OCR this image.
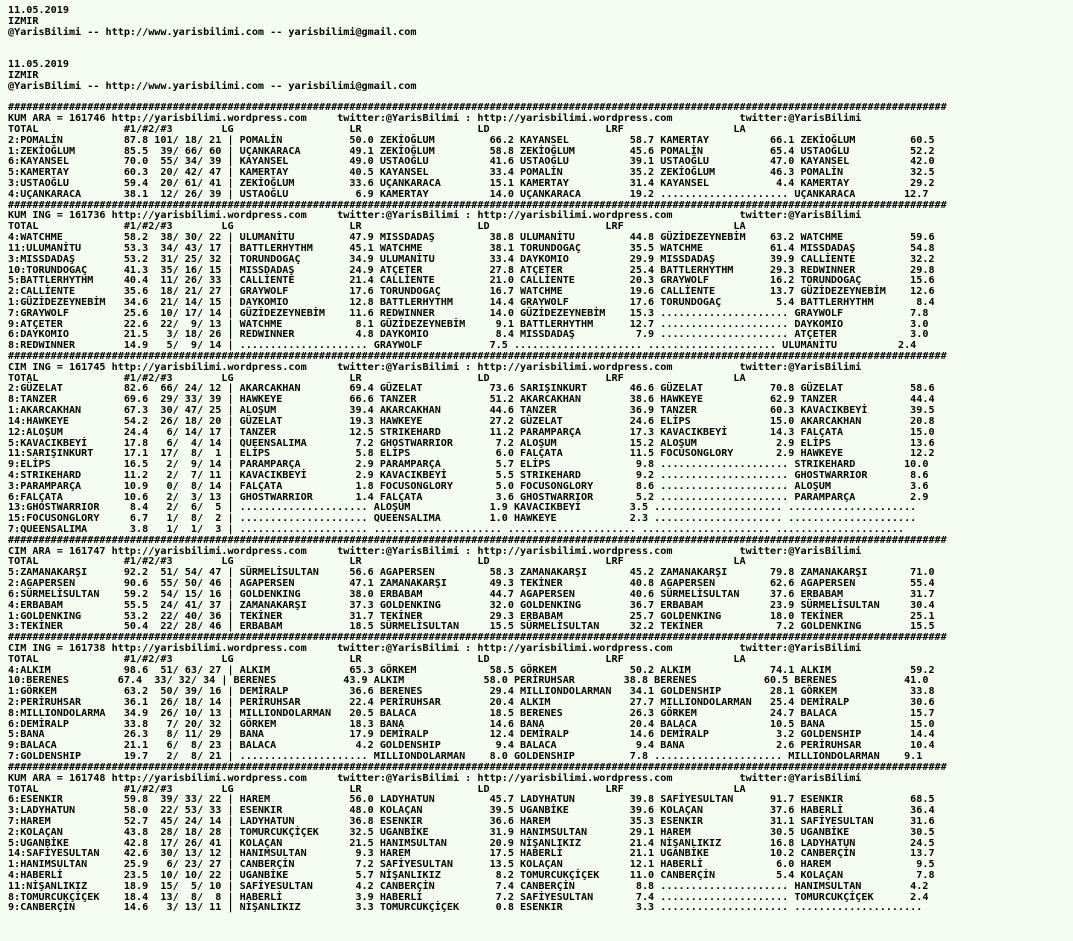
11.05.2019
IZMIR
@YarisBilimi -- http://www.yarisbilimi.com -- yarisbilimi@gmail.com
11.05.2019
IZMIR
@YarisBilimi -- http://www.yarisbilimi.com -- yarisbilimi@gmail.com
##########################################################################################################################################################
KUM ARA = 161746 http://yarisbilimi.wordpress.com     twitter:@YarisBilimi : http://yarisbilimi.wordpress.com           twitter:@YarisBilimi
TOTAL              #1/#2/#3        LG                   LR                   LD                   LRF                  LA
2:POMALİN          87.8 101/ 18/ 21 | POMALİN           50.0 ZEKİOĞLUM         66.2 KAYANSEL          58.7 KAMERTAY          66.1 ZEKİOĞLUM         60.5
1:ZEKİOĞLUM        85.5  39/ 66/ 60 | UÇANKARACA        49.1 ZEKİOĞLUM         58.8 ZEKİOĞLUM         45.6 POMALİN           65.4 USTAOĞLU          52.2
6:KAYANSEL         70.0  55/ 34/ 39 | KAYANSEL          49.0 USTAOĞLU          41.6 USTAOĞLU          39.1 USTAOĞLU          47.0 KAYANSEL          42.0
5:KAMERTAY         60.3  20/ 42/ 47 | KAMERTAY          40.5 KAYANSEL          33.4 POMALİN           35.2 ZEKİOĞLUM         46.3 POMALİN           32.5
3:USTAOĞLU         59.4  20/ 61/ 41 | ZEKİOĞLUM         33.6 UÇANKARACA        15.1 KAMERTAY          31.4 KAYANSEL           4.4 KAMERTAY          29.2
4:UÇANKARACA       38.1  12/ 26/ 39 | USTAOĞLU           6.9 KAMERTAY          14.0 UÇANKARACA        19.2 ..................... UÇANKARACA        12.7
##########################################################################################################################################################
KUM ING = 161736 http://yarisbilimi.wordpress.com     twitter:@YarisBilimi : http://yarisbilimi.wordpress.com           twitter:@YarisBilimi
TOTAL              #1/#2/#3        LG                   LR                   LD                   LRF                  LA
4:WATCHME          58.2  38/ 30/ 22 | ULUMANİTU         47.9 MISSDADAŞ         38.8 ULUMANİTU         44.8 GÜZİDEZEYNEBİM    63.2 WATCHME           59.6
11:ULUMANİTU       53.3  34/ 43/ 17 | BATTLERHYTHM      45.1 WATCHME           38.1 TORUNDOGAÇ        35.5 WATCHME           61.4 MISSDADAŞ         54.8
3:MISSDADAŞ        53.2  31/ 25/ 32 | TORUNDOGAÇ        34.9 ULUMANİTU         33.4 DAYKOMIO          29.9 MISSDADAŞ         39.9 CALLİENTE         32.2
10:TORUNDOGAÇ      41.3  35/ 16/ 15 | MISSDADAŞ         24.9 ATÇETER           27.8 ATÇETER           25.4 BATTLERHYTHM      29.3 REDWINNER         29.8
5:BATTLERHYTHM     40.4  11/ 26/ 33 | CALLİENTE         21.4 CALLİENTE         21.0 CALLİENTE         20.3 GRAYWOLF          16.2 TORUNDOGAÇ        15.6
2:CALLİENTE        35.6  18/ 21/ 27 | GRAYWOLF          17.6 TORUNDOGAÇ        16.7 WATCHME           19.6 CALLİENTE         13.7 GÜZİDEZEYNEBİM    12.6
1:GÜZİDEZEYNEBİM   34.6  21/ 14/ 15 | DAYKOMIO          12.8 BATTLERHYTHM      14.4 GRAYWOLF          17.6 TORUNDOGAÇ         5.4 BATTLERHYTHM       8.4
7:GRAYWOLF         25.6  10/ 17/ 14 | GÜZİDEZEYNEBİM    11.6 REDWINNER         14.0 GÜZİDEZEYNEBİM    15.3 ..................... GRAYWOLF           7.8
9:ATÇETER          22.6  22/  9/ 13 | WATCHME            8.1 GÜZİDEZEYNEBİM     9.1 BATTLERHYTHM      12.7 ..................... DAYKOMIO           3.0
6:DAYKOMIO         21.5   3/ 18/ 26 | REDWINNER          4.8 DAYKOMIO           8.4 MISSDADAŞ          7.9 ..................... ATÇETER            3.0
8:REDWINNER        14.9   5/  9/ 14 | ..................... GRAYWOLF           7.5 ..................... ..................... ULUMANİTU          2.4
##########################################################################################################################################################
CIM ING = 161745 http://yarisbilimi.wordpress.com     twitter:@YarisBilimi : http://yarisbilimi.wordpress.com           twitter:@YarisBilimi
TOTAL              #1/#2/#3        LG                   LR                   LD                   LRF                  LA
2:GÜZELAT          82.6  66/ 24/ 12 | AKARCAKHAN        69.4 GÜZELAT           73.6 SARIŞINKURT       46.6 GÜZELAT           70.8 GÜZELAT           58.6
8:TANZER           69.6  29/ 33/ 39 | HAWKEYE           66.6 TANZER            51.2 AKARCAKHAN        38.6 HAWKEYE           62.9 TANZER            44.4
1:AKARCAKHAN       67.3  30/ 47/ 25 | ALOŞUM            39.4 AKARCAKHAN        44.6 TANZER            36.9 TANZER            60.3 KAVACIKBEYİ       39.5
14:HAWKEYE         54.2  26/ 18/ 20 | GÜZELAT           19.3 HAWKEYE           27.2 GÜZELAT           24.6 ELİPS             15.0 AKARCAKHAN        20.8
12:ALOŞUM          24.4   6/ 14/ 17 | TANZER            12.5 STRIKEHARD        11.2 PARAMPARÇA        17.3 KAVACIKBEYİ       14.3 FALÇATA           15.0
5:KAVACIKBEYİ      17.8   6/  4/ 14 | QUEENSALIMA        7.2 GHOSTWARRIOR       7.2 ALOŞUM            15.2 ALOŞUM             2.9 ELİPS             13.6
11:SARIŞINKURT     17.1  17/  8/  1 | ELİPS              5.8 ELİPS              6.0 FALÇATA           11.5 FOCUSONGLORY       2.9 HAWKEYE           12.2
9:ELİPS            16.5   2/  9/ 14 | PARAMPARÇA         2.9 PARAMPARÇA         5.7 ELİPS              9.8 ..................... STRIKEHARD        10.0
4:STRIKEHARD       11.2   2/  7/ 11 | KAVACIKBEYİ        2.9 KAVACIKBEYİ        5.5 STRIKEHARD         9.2 ..................... GHOSTWARRIOR       8.6
3:PARAMPARÇA       10.9   0/  8/ 14 | FALÇATA            1.8 FOCUSONGLORY       5.0 FOCUSONGLORY       8.6 ..................... ALOŞUM             3.6
6:FALÇATA          10.6   2/  3/ 13 | GHOSTWARRIOR       1.4 FALÇATA            3.6 GHOSTWARRIOR       5.2 ..................... PARAMPARÇA         2.9
13:GHOSTWARRIOR     8.4   2/  6/  5 | ..................... ALOŞUM             1.9 KAVACIKBEYİ        3.5 ..................... .....................
15:FOCUSONGLORY     6.7   1/  8/  2 | ..................... QUEENSALIMA        1.0 HAWKEYE            2.3 ..................... .....................
7:QUEENSALIMA       3.8   1/  1/  3 | ..................... ..................... ..................... ..................... .....................
##########################################################################################################################################################
CIM ARA = 161747 http://yarisbilimi.wordpress.com     twitter:@YarisBilimi : http://yarisbilimi.wordpress.com           twitter:@YarisBilimi
TOTAL              #1/#2/#3        LG                   LR                   LD                   LRF                  LA
5:ZAMANAKARŞI      92.2  51/ 54/ 47 | SÜRMELİSULTAN     56.6 AGAPERSEN         58.3 ZAMANAKARŞI       45.2 ZAMANAKARŞI       79.8 ZAMANAKARŞI       71.0
2:AGAPERSEN        90.6  55/ 50/ 46 | AGAPERSEN         47.1 ZAMANAKARŞI       49.3 TEKİNER           40.8 AGAPERSEN         62.6 AGAPERSEN         55.4
6:SÜRMELİSULTAN    59.2  54/ 15/ 16 | GOLDENKING        38.0 ERBABAM           44.7 AGAPERSEN         40.6 SÜRMELİSULTAN     37.6 ERBABAM           31.7
4:ERBABAM          55.5  24/ 41/ 37 | ZAMANAKARŞI       37.3 GOLDENKING        32.0 GOLDENKING        36.7 ERBABAM           23.9 SÜRMELİSULTAN     30.4
1:GOLDENKING       53.2  22/ 40/ 36 | TEKİNER           31.7 TEKİNER           29.3 ERBABAM           25.7 GOLDENKING        18.0 TEKİNER           25.1
3:TEKİNER          50.4  22/ 28/ 46 | ERBABAM           18.5 SÜRMELİSULTAN     15.5 SÜRMELİSULTAN     32.2 TEKİNER            7.2 GOLDENKING        15.5
##########################################################################################################################################################
CIM ING = 161738 http://yarisbilimi.wordpress.com     twitter:@YarisBilimi : http://yarisbilimi.wordpress.com           twitter:@YarisBilimi
TOTAL              #1/#2/#3        LG                   LR                   LD                   LRF                  LA
4:ALKIM            98.6  51/ 63/ 27 | ALKIM             65.3 GÖRKEM            58.5 GÖRKEM            50.2 ALKIM             74.1 ALKIM             59.2
10:BERENES        67.4  33/ 32/ 34 | BERENES           43.9 ALKIM             58.0 PERİRUHSAR        38.8 BERENES           60.5 BERENES           41.0
1:GÖRKEM           63.2  50/ 39/ 16 | DEMİRALP          36.6 BERENES           29.4 MILLIONDOLARMAN   34.1 GOLDENSHIP        28.1 GÖRKEM            33.8
2:PERİRUHSAR       36.1  26/ 18/ 14 | PERİRUHSAR        22.4 PERİRUHSAR        20.4 ALKIM             27.7 MILLIONDOLARMAN   25.4 DEMİRALP          30.6
8:MILLIONDOLARMA   34.9  26/ 10/ 13 | MILLIONDOLARMAN   20.5 BALACA            18.5 BERENES           26.3 GÖRKEM            24.7 BALACA            15.7
6:DEMİRALP         33.8   7/ 20/ 32 | GÖRKEM            18.3 BANA              14.6 BANA              20.4 BALACA            10.5 BANA              15.0
5:BANA             26.3   8/ 11/ 29 | BANA              17.9 DEMİRALP          12.4 DEMİRALP          14.6 DEMİRALP           3.2 GOLDENSHIP        14.4
9:BALACA           21.1   6/  8/ 23 | BALACA             4.2 GOLDENSHIP         9.4 BALACA             9.4 BANA               2.6 PERİRUHSAR        10.4
7:GOLDENSHIP       19.7   2/  8/ 21 | ..................... MILLIONDOLARMAN    8.0 GOLDENSHIP         7.8 ..................... MILLIONDOLARMAN    9.1
##########################################################################################################################################################
KUM ARA = 161748 http://yarisbilimi.wordpress.com     twitter:@YarisBilimi : http://yarisbilimi.wordpress.com           twitter:@YarisBilimi
TOTAL              #1/#2/#3        LG                   LR                   LD                   LRF                  LA
6:ESENKIR          59.8  39/ 33/ 22 | HAREM             56.0 LADYHATUN         45.7 LADYHATUN         39.8 SAFİYESULTAN      91.7 ESENKIR           68.5
3:LADYHATUN        58.0  22/ 53/ 33 | ESENKIR           48.0 KOLAÇAN           39.5 UGANBİKE          39.6 KOLAÇAN           37.6 HABERLİ           36.4
7:HAREM            52.7  45/ 24/ 14 | LADYHATUN         36.8 ESENKIR           36.6 HAREM             35.3 ESENKIR           31.1 SAFİYESULTAN      31.6
2:KOLAÇAN          43.8  28/ 18/ 28 | TOMURCUKÇİÇEK     32.5 UGANBİKE          31.9 HANIMSULTAN       29.1 HAREM             30.5 UGANBİKE          30.5
5:UGANBİKE         42.8  17/ 26/ 41 | KOLAÇAN           21.5 HANIMSULTAN       20.9 NİŞANLIKIZ        21.4 NİŞANLIKIZ        16.8 LADYHATUN         24.5
14:SAFİYESULTAN    42.6  30/ 13/ 12 | HANIMSULTAN        9.3 HAREM             17.5 HABERLİ           21.1 UGANBİKE          10.2 CANBERÇİN         13.7
1:HANIMSULTAN      25.9   6/ 23/ 27 | CANBERÇİN          7.2 SAFİYESULTAN      13.5 KOLAÇAN           12.1 HABERLİ            6.0 HAREM              9.5
4:HABERLİ          23.5  10/ 10/ 22 | UGANBİKE           5.7 NİŞANLIKIZ         8.2 TOMURCUKÇİÇEK     11.0 CANBERÇİN          5.4 KOLAÇAN            7.8
11:NİŞANLIKIZ      18.9  15/  5/ 10 | SAFİYESULTAN       4.2 CANBERÇİN          7.4 CANBERÇİN          8.8 ..................... HANIMSULTAN        4.2
8:TOMURCUKÇİÇEK    18.4  13/  8/  8 | HABERLİ            3.9 HABERLİ            7.2 SAFİYESULTAN       7.4 ..................... TOMURCUKÇİÇEK      2.4
9:CANBERÇİN        14.6   3/ 13/ 11 | NİŞANLIKIZ         3.3 TOMURCUKÇİÇEK      0.8 ESENKIR            3.3 ..................... .....................
